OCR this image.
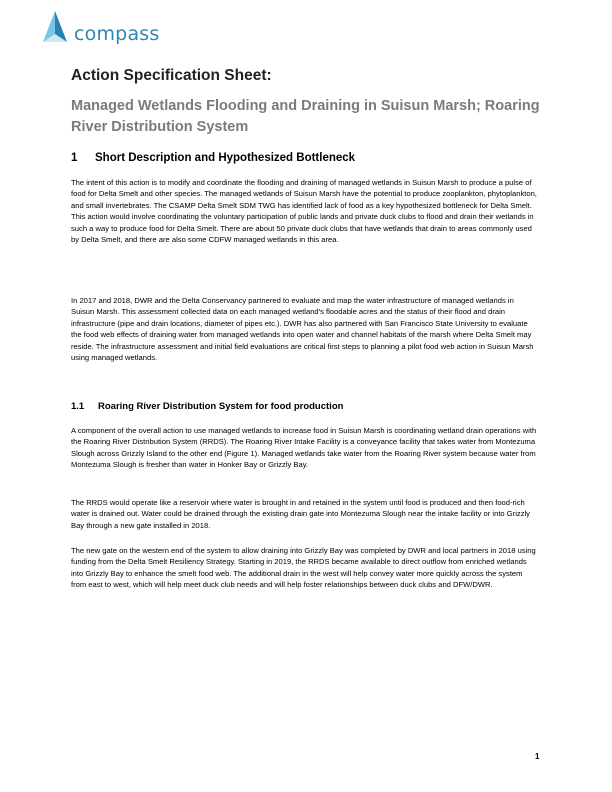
compass
Action Specification Sheet:
Managed Wetlands Flooding and Draining in Suisun Marsh; Roaring River Distribution System
1 Short Description and Hypothesized Bottleneck

The intent of this action is to modify and coordinate the flooding and draining of managed wetlands in Suisun Marsh to produce a pulse of food for Delta Smelt and other species. The managed wetlands of Suisun Marsh have the potential to produce zooplankton, phytoplankton, and small invertebrates. The CSAMP Delta Smelt SDM TWG has identified lack of food as a key hypothesized bottleneck for Delta Smelt. This action would involve coordinating the voluntary participation of public lands and private duck clubs to flood and drain their wetlands in such a way to produce food for Delta Smelt. There are about 50 private duck clubs that have wetlands that drain to areas commonly used by Delta Smelt, and there are also some CDFW managed wetlands in this area.

In 2017 and 2018, DWR and the Delta Conservancy partnered to evaluate and map the water infrastructure of managed wetlands in Suisun Marsh. This assessment collected data on each managed wetland's floodable acres and the status of their flood and drain infrastructure (pipe and drain locations, diameter of pipes etc.). DWR has also partnered with San Francisco State University to evaluate the food web effects of draining water from managed wetlands into open water and channel habitats of the marsh where Delta Smelt may reside. The infrastructure assessment and initial field evaluations are critical first steps to planning a pilot food web action in Suisun Marsh using managed wetlands.

1.1 Roaring River Distribution System for food production

A component of the overall action to use managed wetlands to increase food in Suisun Marsh is coordinating wetland drain operations with the Roaring River Distribution System (RRDS). The Roaring River Intake Facility is a conveyance facility that takes water from Montezuma Slough across Grizzly Island to the other end (Figure 1). Managed wetlands take water from the Roaring River system because water from Montezuma Slough is fresher than water in Honker Bay or Grizzly Bay.

The RRDS would operate like a reservoir where water is brought in and retained in the system until food is produced and then food-rich water is drained out. Water could be drained through the existing drain gate into Montezuma Slough near the intake facility or into Grizzly Bay through a new gate installed in 2018.

The new gate on the western end of the system to allow draining into Grizzly Bay was completed by DWR and local partners in 2018 using funding from the Delta Smelt Resiliency Strategy. Starting in 2019, the RRDS became available to direct outflow from enriched wetlands into Grizzly Bay to enhance the smelt food web. The additional drain in the west will help convey water more quickly across the system from east to west, which will help meet duck club needs and will help foster relationships between duck clubs and DFW/DWR.

1
